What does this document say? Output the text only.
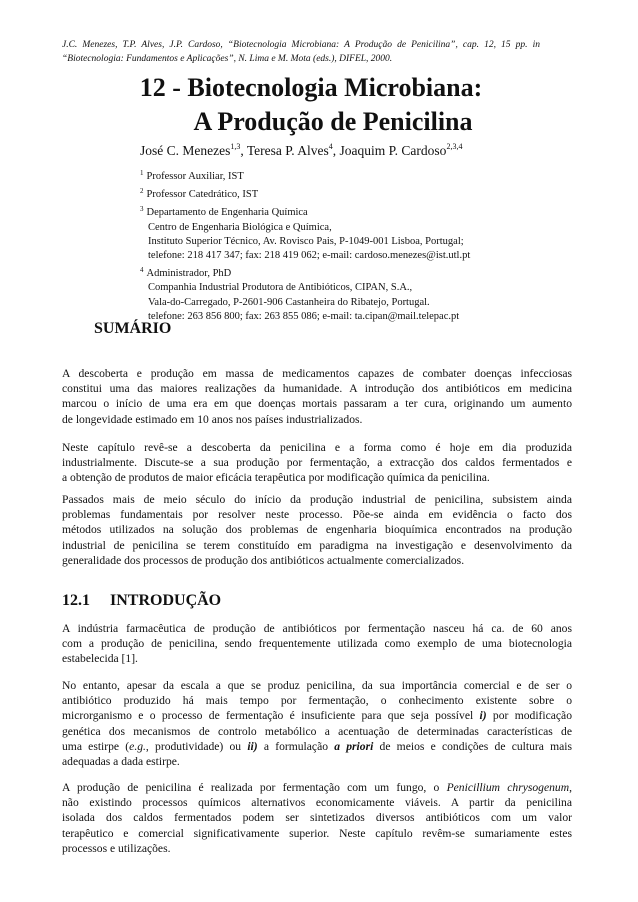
J.C. Menezes, T.P. Alves, J.P. Cardoso, “Biotecnologia Microbiana: A Produção de Penicilina”, cap. 12, 15 pp. in “Biotecnologia: Fundamentos e Aplicações”, N. Lima e M. Mota (eds.), DIFEL, 2000.
12 - Biotecnologia Microbiana:
A Produção de Penicilina
José C. Menezes$^{1,3}$, Teresa P. Alves$^4$, Joaquim P. Cardoso$^{2,3,4}$
$^1$ Professor Auxiliar, IST
$^2$ Professor Catedrático, IST
$^3$ Departamento de Engenharia Química
Centro de Engenharia Biológica e Química,
Instituto Superior Técnico, Av. Rovisco Pais, P-1049-001 Lisboa, Portugal;
telefone: 218 417 347; fax: 218 419 062; e-mail: cardoso.menezes@ist.utl.pt
$^4$ Administrador, PhD
Companhia Industrial Produtora de Antibióticos, CIPAN, S.A.,
Vala-do-Carregado, P-2601-906 Castanheira do Ribatejo, Portugal.
telefone: 263 856 800; fax: 263 855 086; e-mail: ta.cipan@mail.telepac.pt
SUMÁRIO
A descoberta e produção em massa de medicamentos capazes de combater doenças infecciosas
constitui uma das maiores realizações da humanidade. A introdução dos antibióticos em medicina
marcou o início de uma era em que doenças mortais passaram a ter cura, originando um aumento
de longevidade estimado em 10 anos nos países industrializados.
Neste capítulo revê-se a descoberta da penicilina e a forma como é hoje em dia produzida
industrialmente. Discute-se a sua produção por fermentação, a extracção dos caldos fermentados e
a obtenção de produtos de maior eficácia terapêutica por modificação química da penicilina.
Passados mais de meio século do início da produção industrial de penicilina, subsistem ainda
problemas fundamentais por resolver neste processo. Põe-se ainda em evidência o facto dos
métodos utilizados na solução dos problemas de engenharia bioquímica encontrados na produção
industrial de penicilina se terem constituído em paradigma na investigação e desenvolvimento da
generalidade dos processos de produção dos antibióticos actualmente comercializados.
12.1 INTRODUÇÃO
A indústria farmacêutica de produção de antibióticos por fermentação nasceu há ca. de 60 anos
com a produção de penicilina, sendo frequentemente utilizada como exemplo de uma biotecnologia
estabelecida [1].
No entanto, apesar da escala a que se produz penicilina, da sua importância comercial e de ser o
antibiótico produzido há mais tempo por fermentação, o conhecimento existente sobre o
microrganismo e o processo de fermentação é insuficiente para que seja possível i) por modificação
genética dos mecanismos de controlo metabólico a acentuação de determinadas características de
uma estirpe (e.g., produtividade) ou ii) a formulação a priori de meios e condições de cultura mais
adequadas a dada estirpe.
A produção de penicilina é realizada por fermentação com um fungo, o Penicillium chrysogenum,
não existindo processos químicos alternativos economicamente viáveis. A partir da penicilina
isolada dos caldos fermentados podem ser sintetizados diversos antibióticos com um valor
terapêutico e comercial significativamente superior. Neste capítulo revêm-se sumariamente estes
processos e utilizações.
